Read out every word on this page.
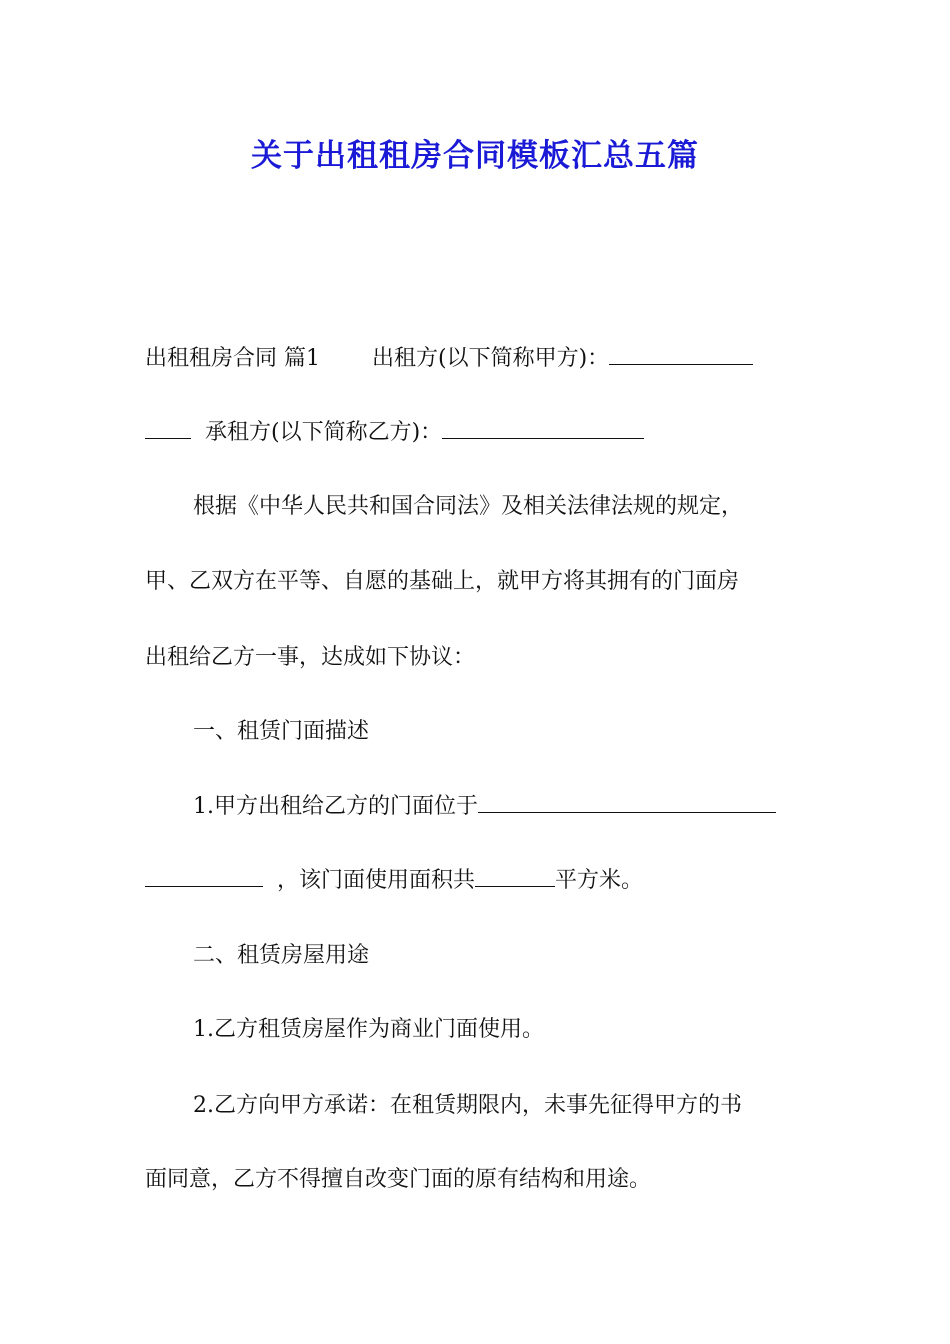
关于出租租房合同模板汇总五篇

出租租房合同 篇1 出租方(以下简称甲方)：

承租方(以下简称乙方)：

根据《中华人民共和国合同法》及相关法律法规的规定，

甲、乙双方在平等、自愿的基础上，就甲方将其拥有的门面房

出租给乙方一事，达成如下协议：

一、租赁门面描述

1.甲方出租给乙方的门面位于

，该门面使用面积共	平方米。

二、租赁房屋用途

1.乙方租赁房屋作为商业门面使用。

2.乙方向甲方承诺：在租赁期限内，未事先征得甲方的书

面同意，乙方不得擅自改变门面的原有结构和用途。
